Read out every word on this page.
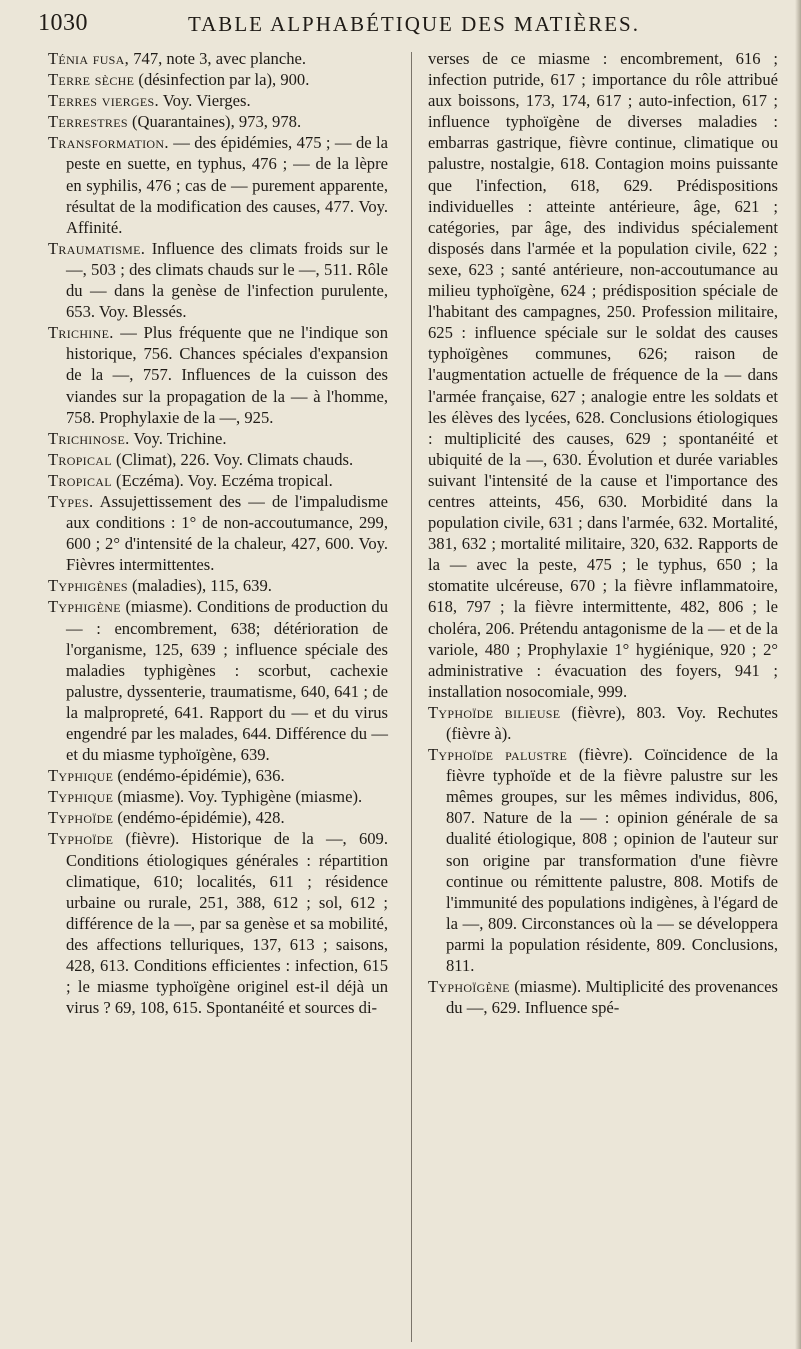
1030	TABLE ALPHABÉTIQUE DES MATIÈRES.

Ténia fusa, 747, note 3, avec planche.

Terre sèche (désinfection par la), 900.

Terres vierges. Voy. Vierges.

Terrestres (Quarantaines), 973, 978.

Transformation. — des épidémies, 475 ; — de la peste en suette, en typhus, 476 ; — de la lèpre en syphilis, 476 ; cas de — purement apparente, résultat de la modification des causes, 477. Voy. Affinité.

Traumatisme. Influence des climats froids sur le —, 503 ; des climats chauds sur le —, 511. Rôle du — dans la genèse de l'infection purulente, 653. Voy. Blessés.

Trichine. — Plus fréquente que ne l'indique son historique, 756. Chances spéciales d'expansion de la —, 757. Influences de la cuisson des viandes sur la propagation de la — à l'homme, 758. Prophylaxie de la —, 925.

Trichinose. Voy. Trichine.

Tropical (Climat), 226. Voy. Climats chauds.

Tropical (Eczéma). Voy. Eczéma tropical.

Types. Assujettissement des — de l'impaludisme aux conditions : 1° de non-accoutumance, 299, 600 ; 2° d'intensité de la chaleur, 427, 600. Voy. Fièvres intermittentes.

Typhigènes (maladies), 115, 639.

Typhigène (miasme). Conditions de production du — : encombrement, 638; détérioration de l'organisme, 125, 639 ; influence spéciale des maladies typhigènes : scorbut, cachexie palustre, dyssenterie, traumatisme, 640, 641 ; de la malpropreté, 641. Rapport du — et du virus engendré par les malades, 644. Différence du — et du miasme typhoïgène, 639.

Typhique (endémo-épidémie), 636.

Typhique (miasme). Voy. Typhigène (miasme).

Typhoïde (endémo-épidémie), 428.

Typhoïde (fièvre). Historique de la —, 609. Conditions étiologiques générales : répartition climatique, 610; localités, 611 ; résidence urbaine ou rurale, 251, 388, 612 ; sol, 612 ; différence de la —, par sa genèse et sa mobilité, des affections telluriques, 137, 613 ; saisons, 428, 613. Conditions efficientes : infection, 615 ; le miasme typhoïgène originel est-il déjà un virus ? 69, 108, 615. Spontanéité et sources di-

verses de ce miasme : encombrement, 616 ; infection putride, 617 ; importance du rôle attribué aux boissons, 173, 174, 617 ; auto-infection, 617 ; influence typhoïgène de diverses maladies : embarras gastrique, fièvre continue, climatique ou palustre, nostalgie, 618. Contagion moins puissante que l'infection, 618, 629. Prédispositions individuelles : atteinte antérieure, âge, 621 ; catégories, par âge, des individus spécialement disposés dans l'armée et la population civile, 622 ; sexe, 623 ; santé antérieure, non-accoutumance au milieu typhoïgène, 624 ; prédisposition spéciale de l'habitant des campagnes, 250. Profession militaire, 625 : influence spéciale sur le soldat des causes typhoïgènes communes, 626; raison de l'augmentation actuelle de fréquence de la — dans l'armée française, 627 ; analogie entre les soldats et les élèves des lycées, 628. Conclusions étiologiques : multiplicité des causes, 629 ; spontanéité et ubiquité de la —, 630. Évolution et durée variables suivant l'intensité de la cause et l'importance des centres atteints, 456, 630. Morbidité dans la population civile, 631 ; dans l'armée, 632. Mortalité, 381, 632 ; mortalité militaire, 320, 632. Rapports de la — avec la peste, 475 ; le typhus, 650 ; la stomatite ulcéreuse, 670 ; la fièvre inflammatoire, 618, 797 ; la fièvre intermittente, 482, 806 ; le choléra, 206. Prétendu antagonisme de la — et de la variole, 480 ; Prophylaxie 1° hygiénique, 920 ; 2° administrative : évacuation des foyers, 941 ; installation nosocomiale, 999.

Typhoïde bilieuse (fièvre), 803. Voy. Rechutes (fièvre à).

Typhoïde palustre (fièvre). Coïncidence de la fièvre typhoïde et de la fièvre palustre sur les mêmes groupes, sur les mêmes individus, 806, 807. Nature de la — : opinion générale de sa dualité étiologique, 808 ; opinion de l'auteur sur son origine par transformation d'une fièvre continue ou rémittente palustre, 808. Motifs de l'immunité des populations indigènes, à l'égard de la —, 809. Circonstances où la — se développera parmi la population résidente, 809. Conclusions, 811.

Typhoïgène (miasme). Multiplicité des provenances du —, 629. Influence spé-
